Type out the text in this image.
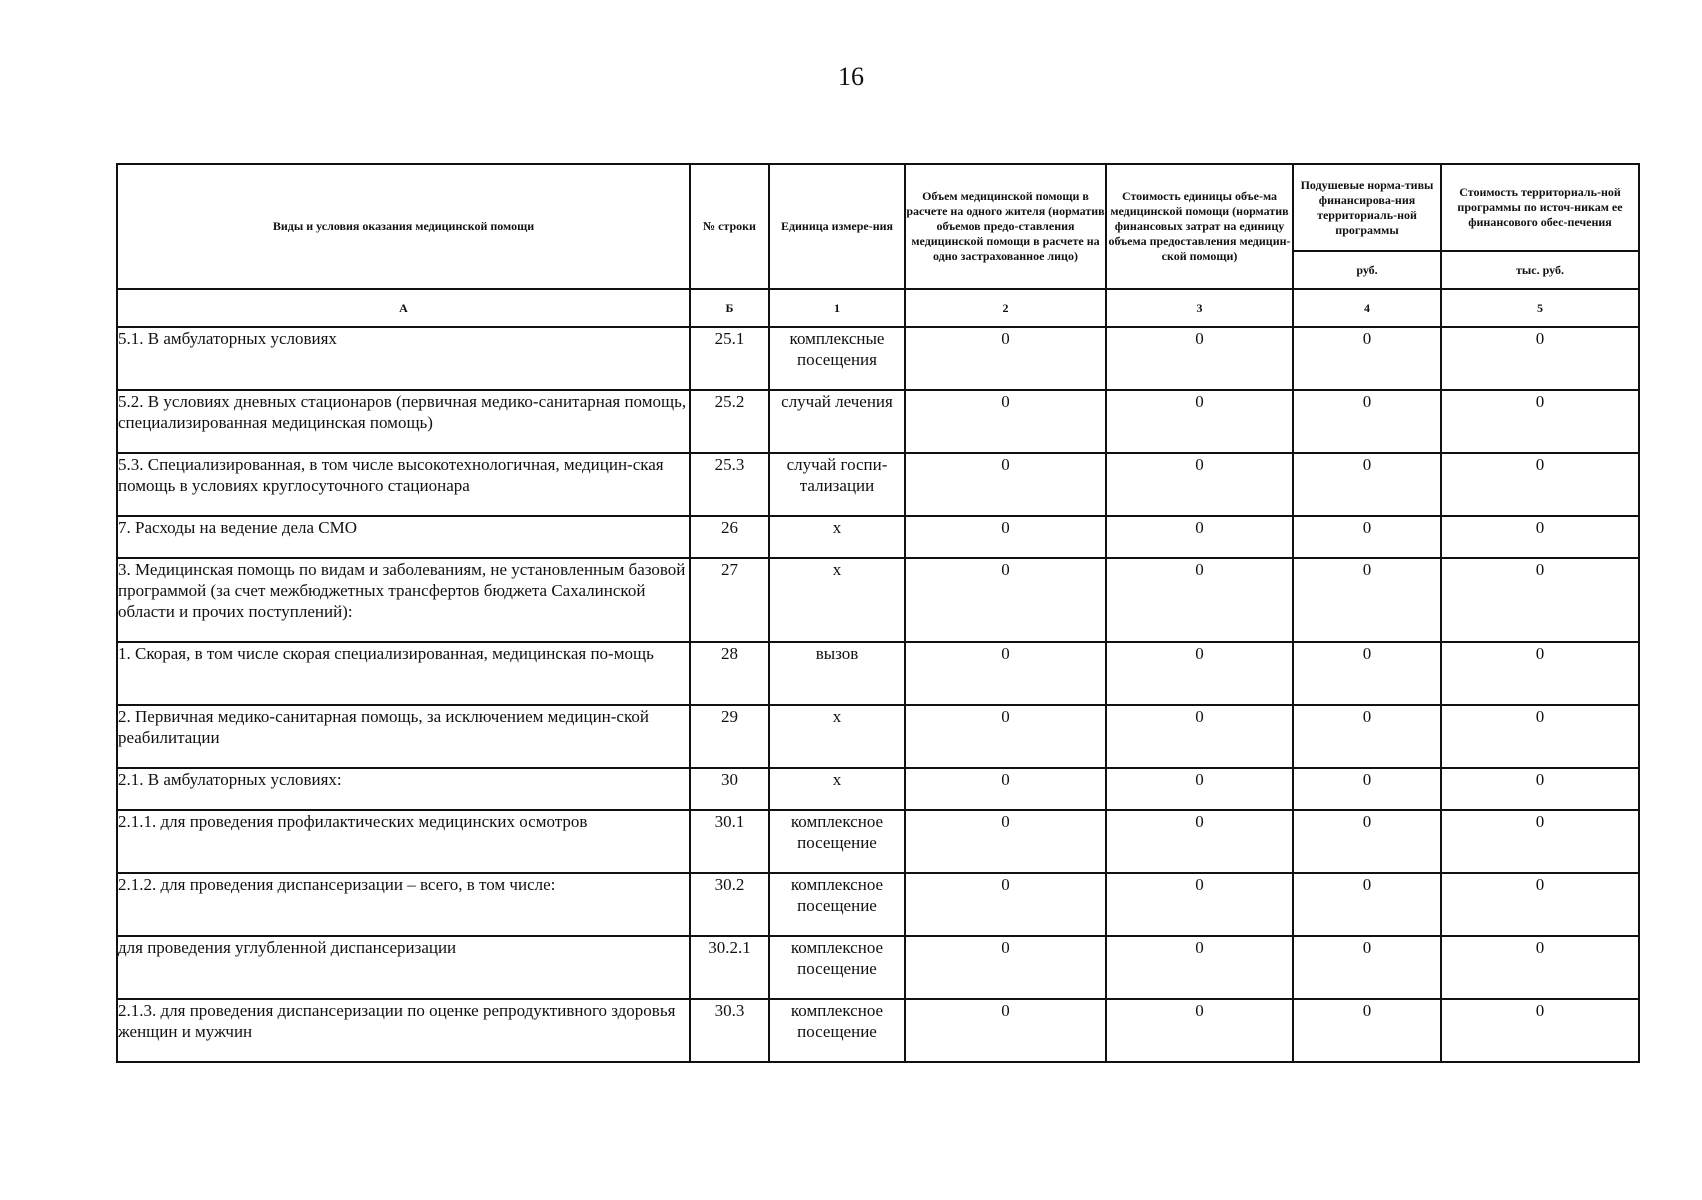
16
Виды и условия оказания медицинской помощи	№ строки	Единица измере-ния	Объем медицинской помощи в расчете на одного жителя (норматив объемов предо-ставления медицинской помощи в расчете на одно застрахованное лицо)	Стоимость единицы объе-ма медицинской помощи (норматив финансовых затрат на единицу объема предоставления медицин-ской помощи)	Подушевые норма-тивы финансирова-ния территориаль-ной программы	Стоимость территориаль-ной программы по источ-никам ее финансового обес-печения
					руб.	тыс. руб.
А	Б	1	2	3	4	5
5.1. В амбулаторных условиях	25.1	комплексные посещения	0	0	0	0
5.2. В условиях дневных стационаров (первичная медико-санитарная помощь, специализированная медицинская помощь)	25.2	случай лечения	0	0	0	0
5.3. Специализированная, в том числе высокотехнологичная, медицин-ская помощь в условиях круглосуточного стационара	25.3	случай госпи-тализации	0	0	0	0
7. Расходы на ведение дела СМО	26	х	0	0	0	0
3. Медицинская помощь по видам и заболеваниям, не установленным базовой программой (за счет межбюджетных трансфертов бюджета Сахалинской области и прочих поступлений):	27	х	0	0	0	0
1. Скорая, в том числе скорая специализированная, медицинская по-мощь	28	вызов	0	0	0	0
2. Первичная медико-санитарная помощь, за исключением медицин-ской реабилитации	29	х	0	0	0	0
2.1. В амбулаторных условиях:	30	х	0	0	0	0
2.1.1. для проведения профилактических медицинских осмотров	30.1	комплексное посещение	0	0	0	0
2.1.2. для проведения диспансеризации – всего, в том числе:	30.2	комплексное посещение	0	0	0	0
для проведения углубленной диспансеризации	30.2.1	комплексное посещение	0	0	0	0
2.1.3. для проведения диспансеризации по оценке репродуктивного здоровья женщин и мужчин	30.3	комплексное посещение	0	0	0	0
